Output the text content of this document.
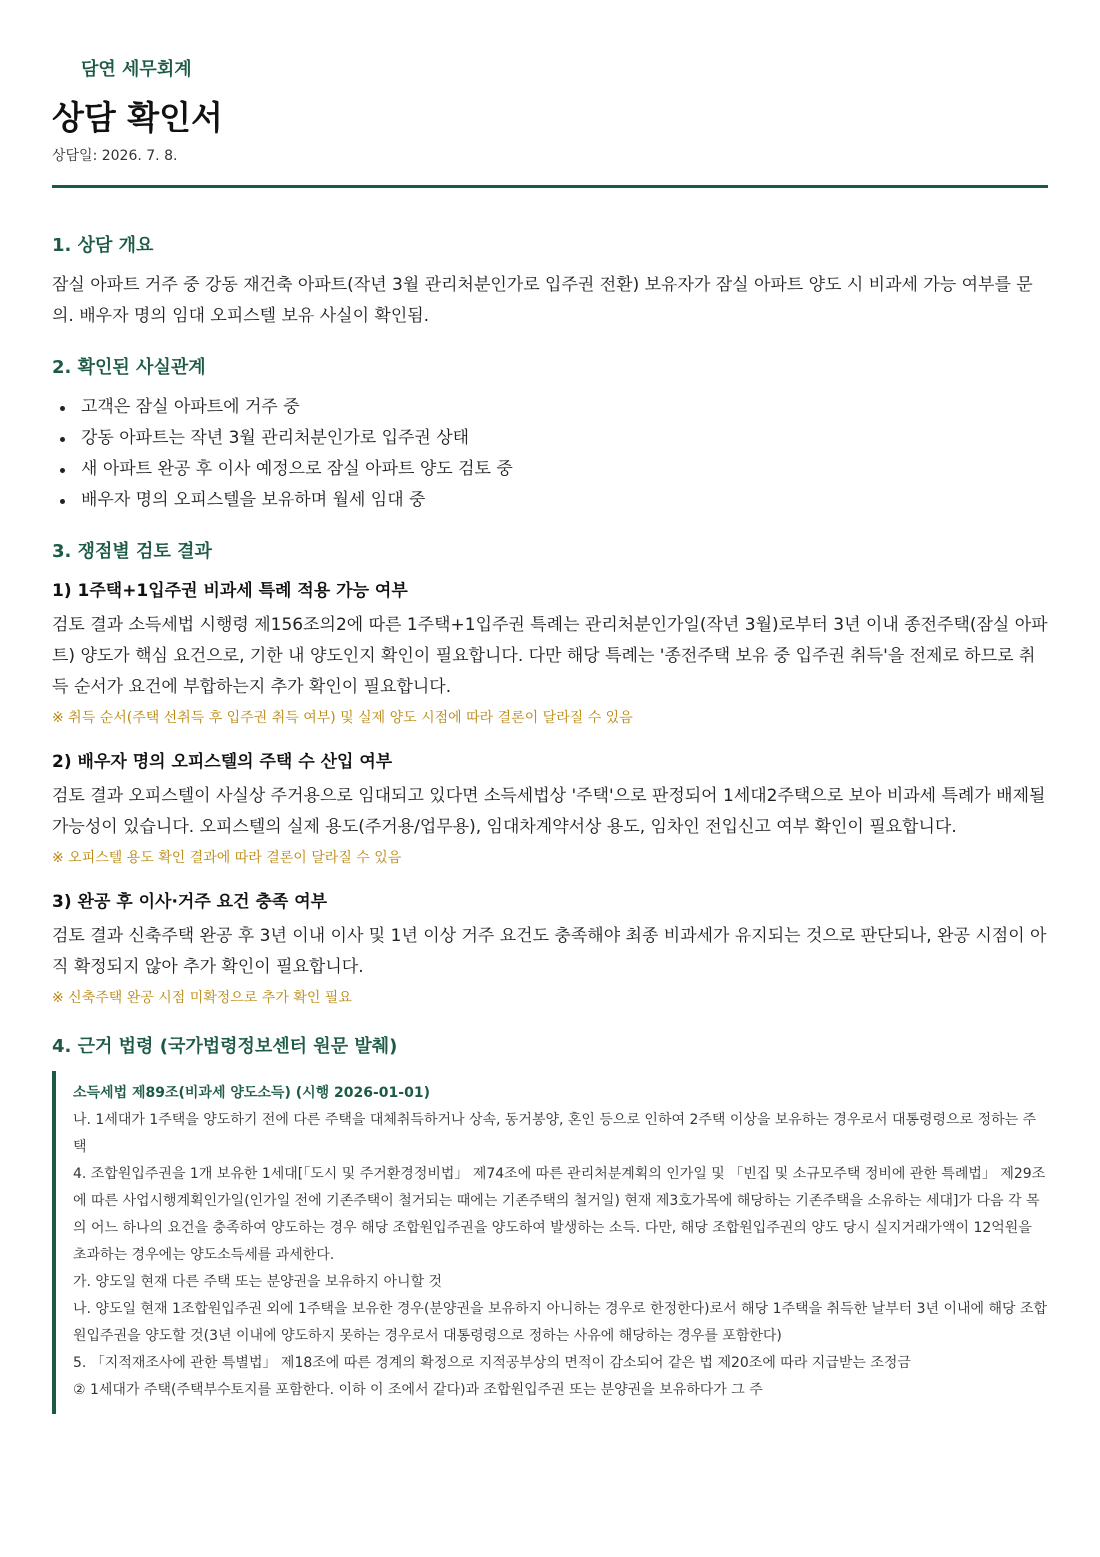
담연 세무회계
상담 확인서
상담일: 2026. 7. 8.
1. 상담 개요

잠실 아파트 거주 중 강동 재건축 아파트(작년 3월 관리처분인가로 입주권 전환) 보유자가 잠실 아파트 양도 시 비과세 가능 여부를 문의. 배우자 명의 임대 오피스텔 보유 사실이 확인됨.

2. 확인된 사실관계
고객은 잠실 아파트에 거주 중
강동 아파트는 작년 3월 관리처분인가로 입주권 상태
새 아파트 완공 후 이사 예정으로 잠실 아파트 양도 검토 중
배우자 명의 오피스텔을 보유하며 월세 임대 중
3. 쟁점별 검토 결과
1) 1주택+1입주권 비과세 특례 적용 가능 여부

검토 결과 소득세법 시행령 제156조의2에 따른 1주택+1입주권 특례는 관리처분인가일(작년 3월)로부터 3년 이내 종전주택(잠실 아파트) 양도가 핵심 요건으로, 기한 내 양도인지 확인이 필요합니다. 다만 해당 특례는 '종전주택 보유 중 입주권 취득'을 전제로 하므로 취득 순서가 요건에 부합하는지 추가 확인이 필요합니다.

※ 취득 순서(주택 선취득 후 입주권 취득 여부) 및 실제 양도 시점에 따라 결론이 달라질 수 있음

2) 배우자 명의 오피스텔의 주택 수 산입 여부

검토 결과 오피스텔이 사실상 주거용으로 임대되고 있다면 소득세법상 '주택'으로 판정되어 1세대2주택으로 보아 비과세 특례가 배제될 가능성이 있습니다. 오피스텔의 실제 용도(주거용/업무용), 임대차계약서상 용도, 임차인 전입신고 여부 확인이 필요합니다.

※ 오피스텔 용도 확인 결과에 따라 결론이 달라질 수 있음

3) 완공 후 이사·거주 요건 충족 여부

검토 결과 신축주택 완공 후 3년 이내 이사 및 1년 이상 거주 요건도 충족해야 최종 비과세가 유지되는 것으로 판단되나, 완공 시점이 아직 확정되지 않아 추가 확인이 필요합니다.

※ 신축주택 완공 시점 미확정으로 추가 확인 필요

4. 근거 법령 (국가법령정보센터 원문 발췌)

소득세법 제89조(비과세 양도소득) (시행 2026-01-01)

나. 1세대가 1주택을 양도하기 전에 다른 주택을 대체취득하거나 상속, 동거봉양, 혼인 등으로 인하여 2주택 이상을 보유하는 경우로서 대통령령으로 정하는 주택

4. 조합원입주권을 1개 보유한 1세대[「도시 및 주거환경정비법」 제74조에 따른 관리처분계획의 인가일 및 「빈집 및 소규모주택 정비에 관한 특례법」 제29조에 따른 사업시행계획인가일(인가일 전에 기존주택이 철거되는 때에는 기존주택의 철거일) 현재 제3호가목에 해당하는 기존주택을 소유하는 세대]가 다음 각 목의 어느 하나의 요건을 충족하여 양도하는 경우 해당 조합원입주권을 양도하여 발생하는 소득. 다만, 해당 조합원입주권의 양도 당시 실지거래가액이 12억원을 초과하는 경우에는 양도소득세를 과세한다.

가. 양도일 현재 다른 주택 또는 분양권을 보유하지 아니할 것

나. 양도일 현재 1조합원입주권 외에 1주택을 보유한 경우(분양권을 보유하지 아니하는 경우로 한정한다)로서 해당 1주택을 취득한 날부터 3년 이내에 해당 조합원입주권을 양도할 것(3년 이내에 양도하지 못하는 경우로서 대통령령으로 정하는 사유에 해당하는 경우를 포함한다)

5. 「지적재조사에 관한 특별법」 제18조에 따른 경계의 확정으로 지적공부상의 면적이 감소되어 같은 법 제20조에 따라 지급받는 조정금

② 1세대가 주택(주택부수토지를 포함한다. 이하 이 조에서 같다)과 조합원입주권 또는 분양권을 보유하다가 그 주
